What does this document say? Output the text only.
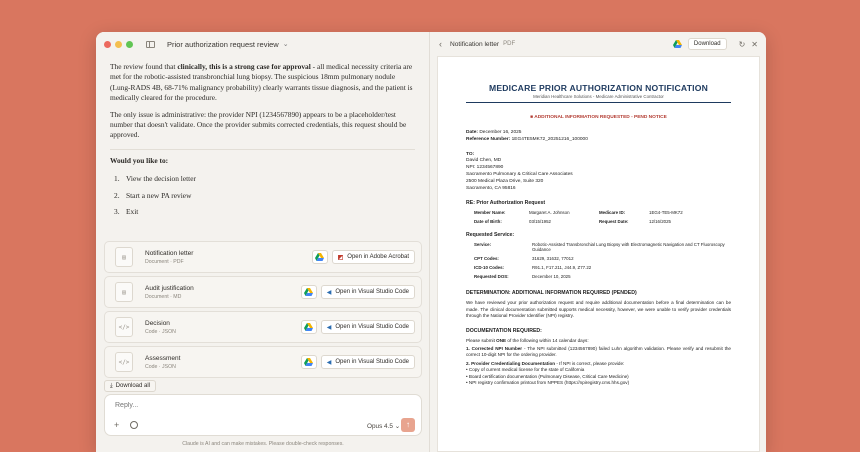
Prior authorization request review ⌄

The review found that clinically, this is a strong case for approval - all medical necessity criteria are met for the robotic-assisted transbronchial lung biopsy. The suspicious 18mm pulmonary nodule (Lung-RADS 4B, 68-71% malignancy probability) clearly warrants tissue diagnosis, and the patient is medically cleared for the procedure.

The only issue is administrative: the provider NPI (1234567890) appears to be a placeholder/test number that doesn't validate. Once the provider submits corrected credentials, this request should be approved.

Would you like to:
1. View the decision letter
2. Start a new PA review
3. Exit
▤
Notification letter
Document · PDF
◩ Open in Adobe Acrobat
▤
Audit justification
Document · MD
◀ Open in Visual Studio Code
</>
Decision
Code · JSON
◀ Open in Visual Studio Code
</>
Assessment
Code · JSON
◀ Open in Visual Studio Code
⤓ Download all
Reply...
+	Opus 4.5 ⌄ ↑
Claude is AI and can make mistakes. Please double-check responses.
‹ Notification letter PDF	Download	↻ ✕
MEDICARE PRIOR AUTHORIZATION NOTIFICATION
Meridian Healthcare Solutions - Medicare Administrative Contractor
■ ADDITIONAL INFORMATION REQUESTED - PEND NOTICE
Date: December 16, 2025
Reference Number: 1EG4TE5MK72_20251216_100000
TO:
David Chen, MD
NPI: 1234567890
Sacramento Pulmonary & Critical Care Associates
2500 Medical Plaza Drive, Suite 320
Sacramento, CA 95816
RE: Prior Authorization Request
Member Name:	Margaret A. Johnson	Medicare ID:	1EG4-TE5-MK72
Date of Birth:	03/15/1952	Request Date:	12/16/2025
Requested Service:
Service:	Robotic-Assisted Transbronchial Lung Biopsy with Electromagnetic Navigation and CT Fluoroscopy Guidance
CPT Codes:	31629, 31632, 77012
ICD-10 Codes:	R91.1, F17.211, J44.9, Z77.22
Requested DOS:	December 10, 2025
DETERMINATION: ADDITIONAL INFORMATION REQUIRED (PENDED)
We have reviewed your prior authorization request and require additional documentation before a final determination can be made. The clinical documentation submitted supports medical necessity, however, we were unable to verify provider credentials through the National Provider Identifier (NPI) registry.
DOCUMENTATION REQUIRED:
Please submit ONE of the following within 14 calendar days:
1. Corrected NPI Number - The NPI submitted (1234567890) failed Luhn algorithm validation. Please verify and resubmit the correct 10-digit NPI for the ordering provider.
2. Provider Credentialing Documentation - If NPI is correct, please provide:
• Copy of current medical license for the state of California
• Board certification documentation (Pulmonary Disease, Critical Care Medicine)
• NPI registry confirmation printout from NPPES (https://npiregistry.cms.hhs.gov)
